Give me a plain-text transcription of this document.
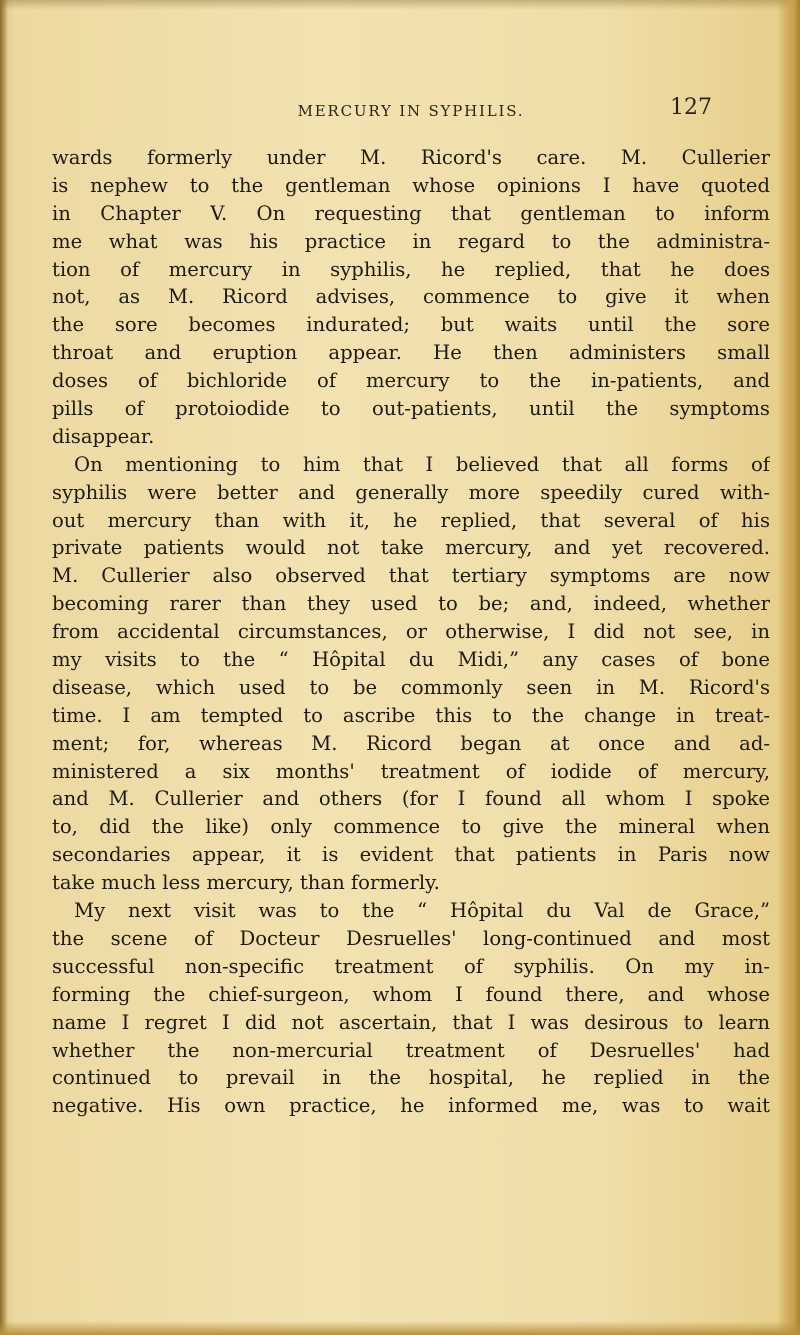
MERCURY IN SYPHILIS.	127
wards formerly under M. Ricord's care. M. Cullerier
is nephew to the gentleman whose opinions I have quoted
in Chapter V. On requesting that gentleman to inform
me what was his practice in regard to the administra-
tion of mercury in syphilis, he replied, that he does
not, as M. Ricord advises, commence to give it when
the sore becomes indurated; but waits until the sore
throat and eruption appear. He then administers small
doses of bichloride of mercury to the in-patients, and
pills of protoiodide to out-patients, until the symptoms
disappear.
On mentioning to him that I believed that all forms of
syphilis were better and generally more speedily cured with-
out mercury than with it, he replied, that several of his
private patients would not take mercury, and yet recovered.
M. Cullerier also observed that tertiary symptoms are now
becoming rarer than they used to be; and, indeed, whether
from accidental circumstances, or otherwise, I did not see, in
my visits to the “ Hôpital du Midi,” any cases of bone
disease, which used to be commonly seen in M. Ricord's
time. I am tempted to ascribe this to the change in treat-
ment; for, whereas M. Ricord began at once and ad-
ministered a six months' treatment of iodide of mercury,
and M. Cullerier and others (for I found all whom I spoke
to, did the like) only commence to give the mineral when
secondaries appear, it is evident that patients in Paris now
take much less mercury, than formerly.
My next visit was to the “ Hôpital du Val de Grace,”
the scene of Docteur Desruelles' long-continued and most
successful non-specific treatment of syphilis. On my in-
forming the chief-surgeon, whom I found there, and whose
name I regret I did not ascertain, that I was desirous to learn
whether the non-mercurial treatment of Desruelles' had
continued to prevail in the hospital, he replied in the
negative. His own practice, he informed me, was to wait
